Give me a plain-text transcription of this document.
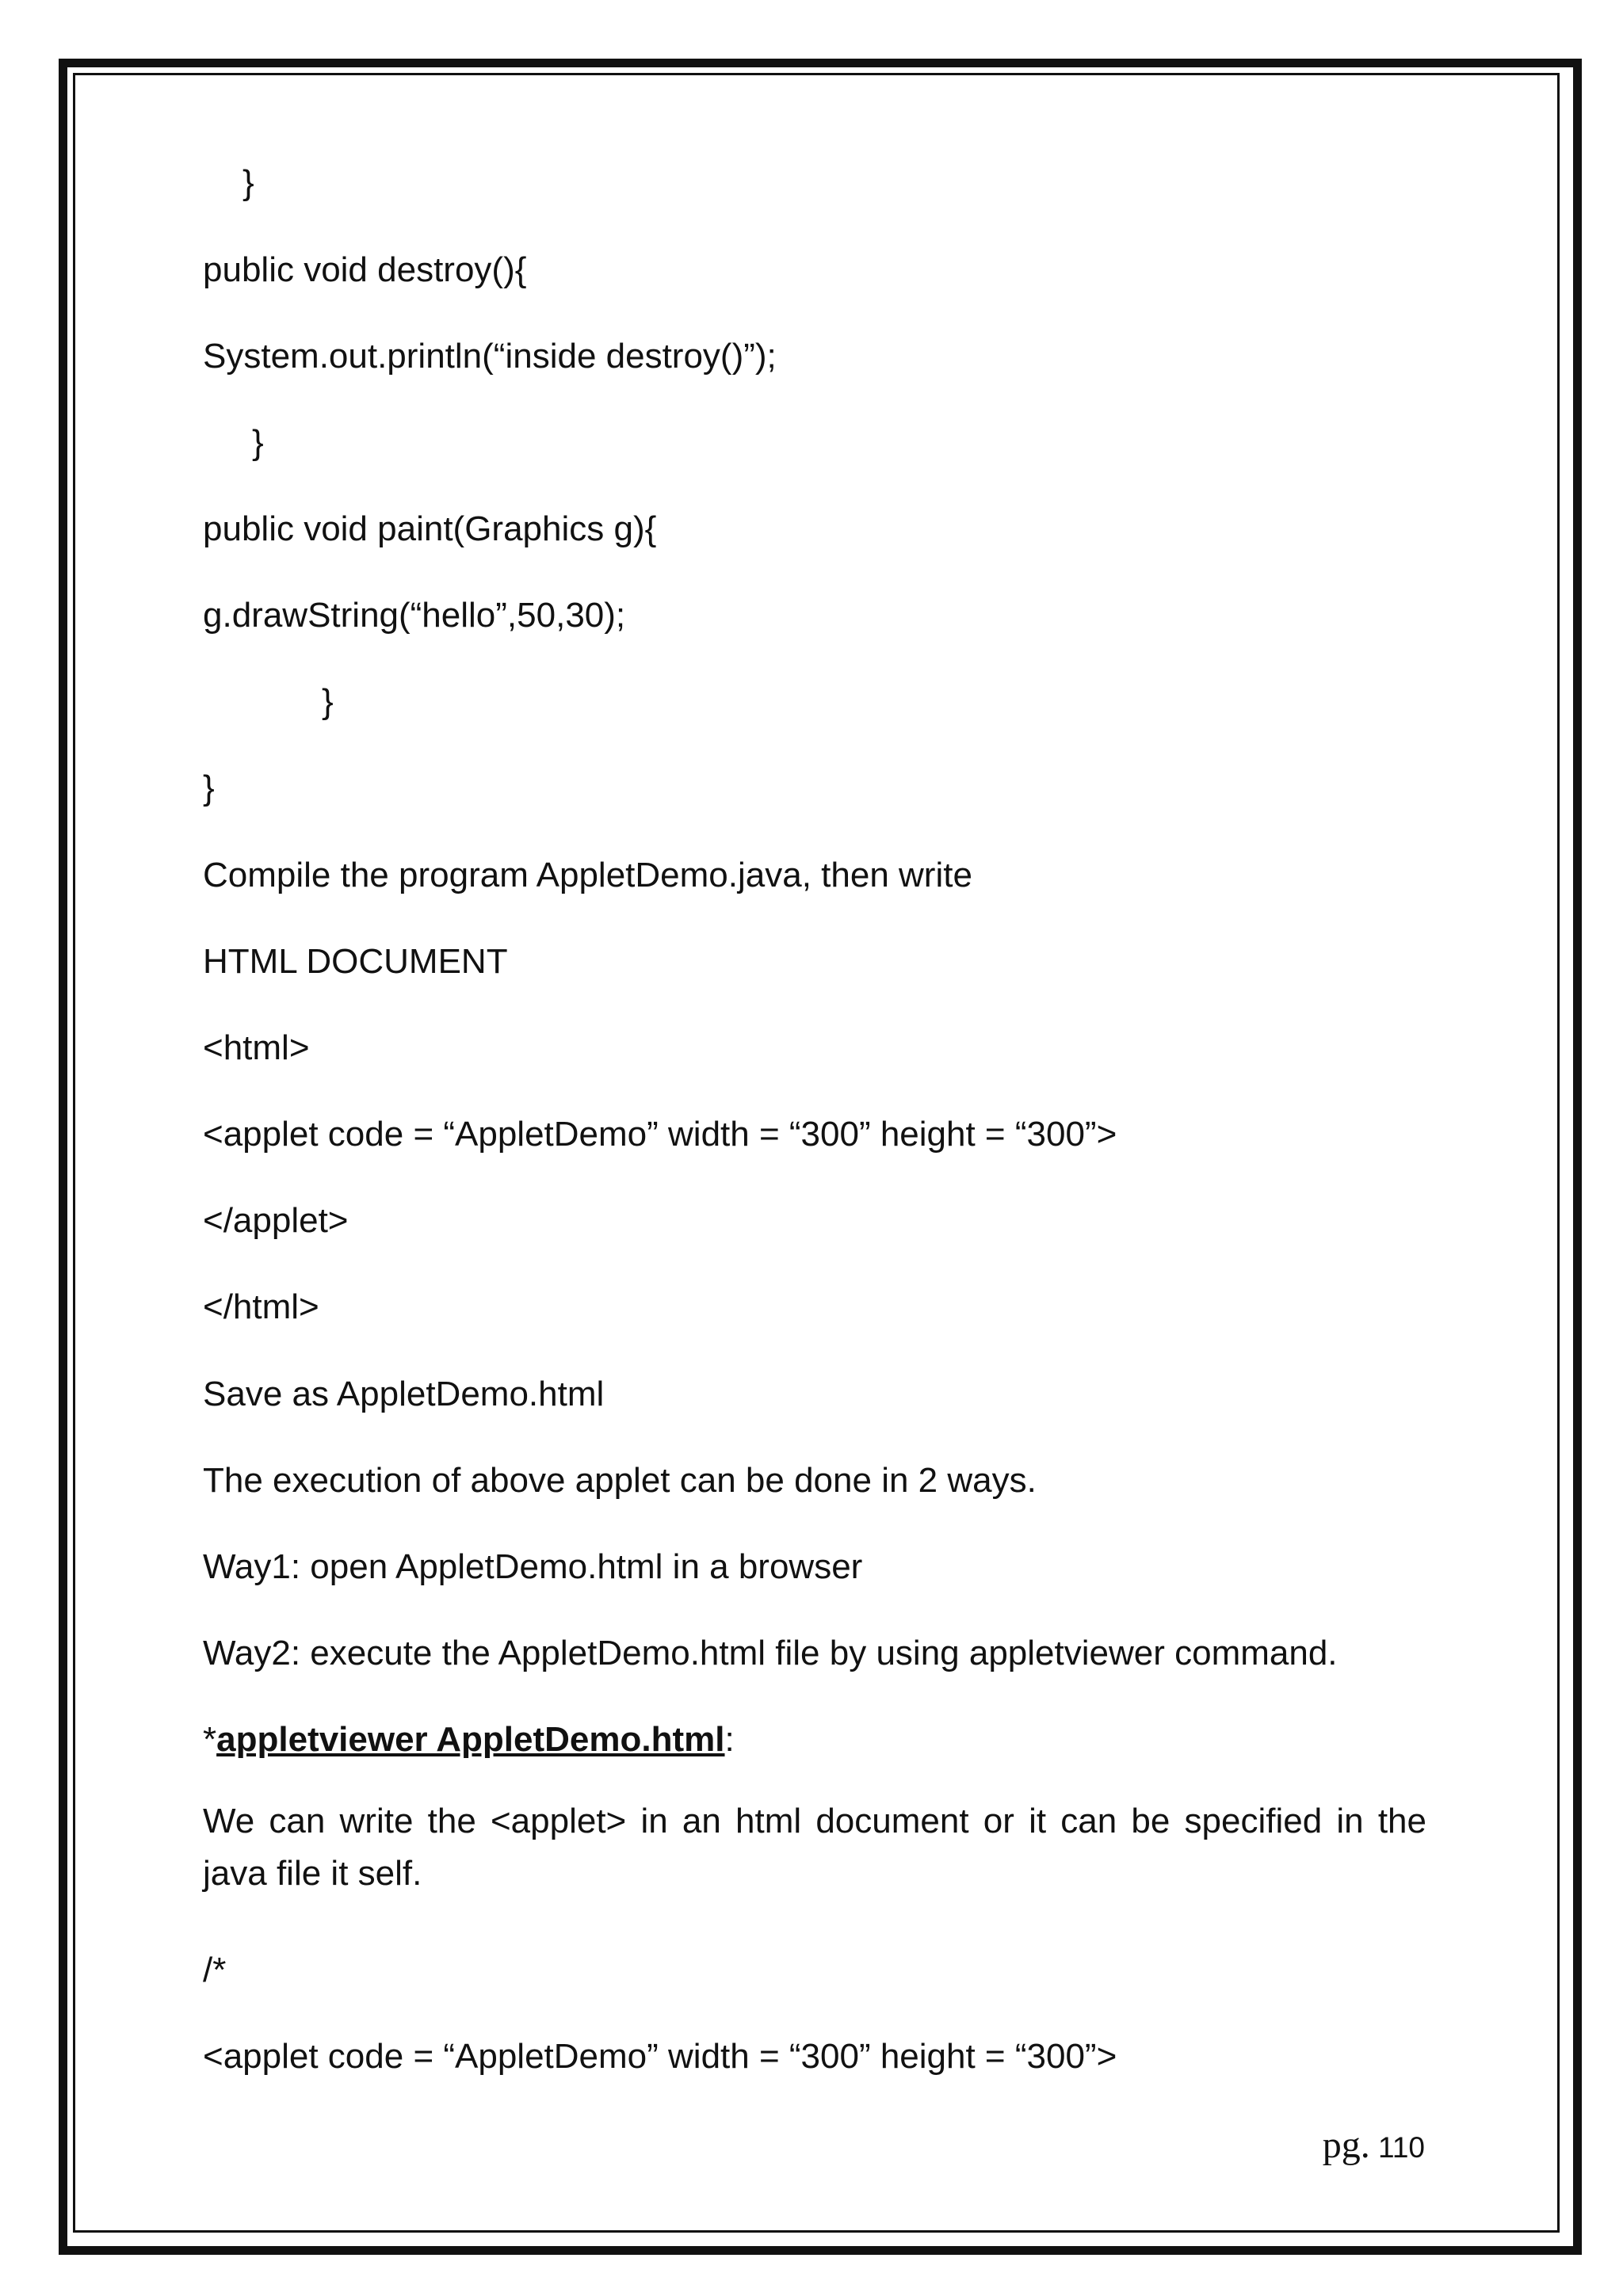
}
public void destroy(){
System.out.println(“inside destroy()”);
}
public void paint(Graphics g){
g.drawString(“hello”,50,30);
}
}
Compile the program AppletDemo.java, then write
HTML DOCUMENT
<html>
<applet code = “AppletDemo” width = “300” height = “300”>
</applet>
</html>
Save as AppletDemo.html
The execution of above applet can be done in 2 ways.
Way1: open AppletDemo.html in a browser
Way2: execute the AppletDemo.html file by using appletviewer command.
*appletviewer AppletDemo.html:
We can write the <applet> in an html document or it can be specified in the java file it self.
/*
<applet code = “AppletDemo” width = “300” height = “300”>
pg. 110
